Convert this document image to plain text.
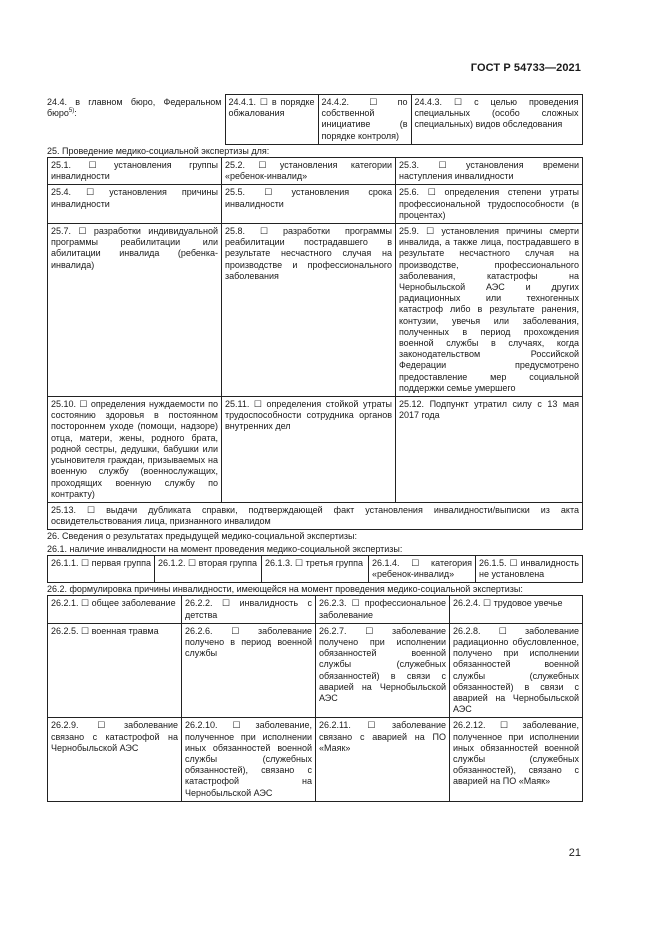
ГОСТ Р 54733—2021
24.4. в главном бюро, Федеральном бюро$^{5)}$:	24.4.1. ☐ в порядке обжалования	24.4.2. ☐ по собственной инициативе (в порядке контроля)	24.4.3. ☐ с целью проведения специальных (особо сложных специальных) видов обследования
25. Проведение медико-социальной экспертизы для:
25.1. ☐ установления группы инвалидности	25.2. ☐ установления категории «ребенок-инвалид»	25.3. ☐ установления времени наступления инвалидности
25.4. ☐ установления причины инвалидности	25.5. ☐ установления срока инвалидности	25.6. ☐ определения степени утраты профессиональной трудоспособности (в процентах)
25.7. ☐ разработки индивидуальной программы реабилитации или абилитации инвалида (ребенка-инвалида)	25.8. ☐ разработки программы реабилитации пострадавшего в результате несчастного случая на производстве и профессионального заболевания	25.9. ☐ установления причины смерти инвалида, а также лица, пострадавшего в результате несчастного случая на производстве, профессионального заболевания, катастрофы на Чернобыльской АЭС и других радиационных или техногенных катастроф либо в результате ранения, контузии, увечья или заболевания, полученных в период прохождения военной службы в случаях, когда законодательством Российской Федерации предусмотрено предоставление мер социальной поддержки семье умершего
25.10. ☐ определения нуждаемости по состоянию здоровья в постоянном постороннем уходе (помощи, надзоре) отца, матери, жены, родного брата, родной сестры, дедушки, бабушки или усыновителя граждан, призываемых на военную службу (военнослужащих, проходящих военную службу по контракту)	25.11. ☐ определения стойкой утраты трудоспособности сотрудника органов внутренних дел	25.12. Подпункт утратил силу с 13 мая 2017 года
25.13. ☐ выдачи дубликата справки, подтверждающей факт установления инвалидности/выписки из акта освидетельствования лица, признанного инвалидом		
26. Сведения о результатах предыдущей медико-социальной экспертизы:
26.1. наличие инвалидности на момент проведения медико-социальной экспертизы:
26.1.1. ☐ первая группа	26.1.2. ☐ вторая группа	26.1.3. ☐ третья группа	26.1.4. ☐ категория «ребенок-инвалид»	26.1.5. ☐ инвалидность не установлена
26.2. формулировка причины инвалидности, имеющейся на момент проведения медико-социальной экспертизы:
26.2.1. ☐ общее заболевание	26.2.2. ☐ инвалидность с детства	26.2.3. ☐ профессиональное заболевание	26.2.4. ☐ трудовое увечье
26.2.5. ☐ военная травма	26.2.6. ☐ заболевание получено в период военной службы	26.2.7. ☐ заболевание получено при исполнении обязанностей военной службы (служебных обязанностей) в связи с аварией на Чернобыльской АЭС	26.2.8. ☐ заболевание радиационно обусловленное, получено при исполнении обязанностей военной службы (служебных обязанностей) в связи с аварией на Чернобыльской АЭС
26.2.9. ☐ заболевание связано с катастрофой на Чернобыльской АЭС	26.2.10. ☐ заболевание, полученное при исполнении иных обязанностей военной службы (служебных обязанностей), связано с катастрофой на Чернобыльской АЭС	26.2.11. ☐ заболевание связано с аварией на ПО «Маяк»	26.2.12. ☐ заболевание, полученное при исполнении иных обязанностей военной службы (служебных обязанностей), связано с аварией на ПО «Маяк»
21
